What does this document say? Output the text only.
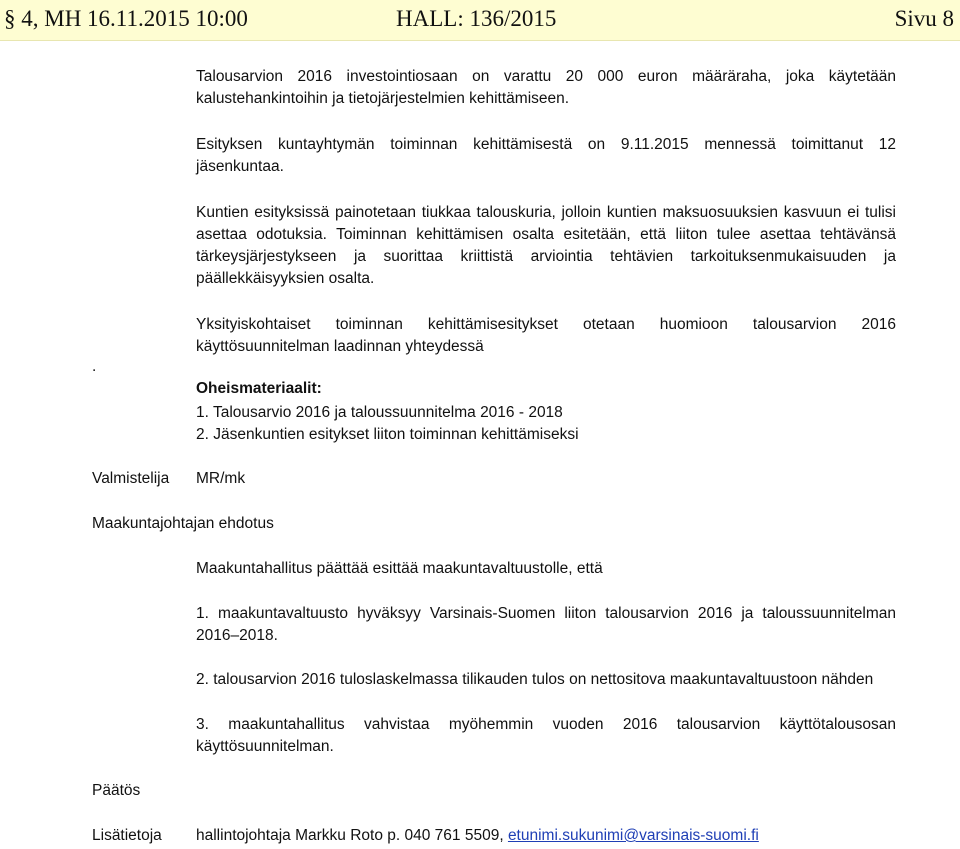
§ 4, MH 16.11.2015 10:00	HALL: 136/2015	Sivu 8

Talousarvion 2016 investointiosaan on varattu 20 000 euron määräraha, joka käytetään kalustehankintoihin ja tietojärjestelmien kehittämiseen.

Esityksen kuntayhtymän toiminnan kehittämisestä on 9.11.2015 mennessä toimittanut 12 jäsenkuntaa.

Kuntien esityksissä painotetaan tiukkaa talouskuria, jolloin kuntien maksuosuuksien kasvuun ei tulisi asettaa odotuksia. Toiminnan kehittämisen osalta esitetään, että liiton tulee asettaa tehtävänsä tärkeysjärjestykseen ja suorittaa kriittistä arviointia tehtävien tarkoituksenmukaisuuden ja päällekkäisyyksien osalta.

Yksityiskohtaiset toiminnan kehittämisesitykset otetaan huomioon talousarvion 2016 käyttösuunnitelman laadinnan yhteydessä

.
Oheismateriaalit:
1. Talousarvio 2016 ja taloussuunnitelma 2016 - 2018
2. Jäsenkuntien esitykset liiton toiminnan kehittämiseksi
Valmistelija MR/mk
Maakuntajohtajan ehdotus
Maakuntahallitus päättää esittää maakuntavaltuustolle, että

1. maakuntavaltuusto hyväksyy Varsinais-Suomen liiton talousarvion 2016 ja taloussuunnitelman 2016–2018.

2. talousarvion 2016 tuloslaskelmassa tilikauden tulos on nettositova maakuntavaltuustoon nähden

3. maakuntahallitus vahvistaa myöhemmin vuoden 2016 talousarvion käyttötalousosan käyttösuunnitelman.

Päätös
Lisätietoja hallintojohtaja Markku Roto p. 040 761 5509, etunimi.sukunimi@varsinais-suomi.fi
